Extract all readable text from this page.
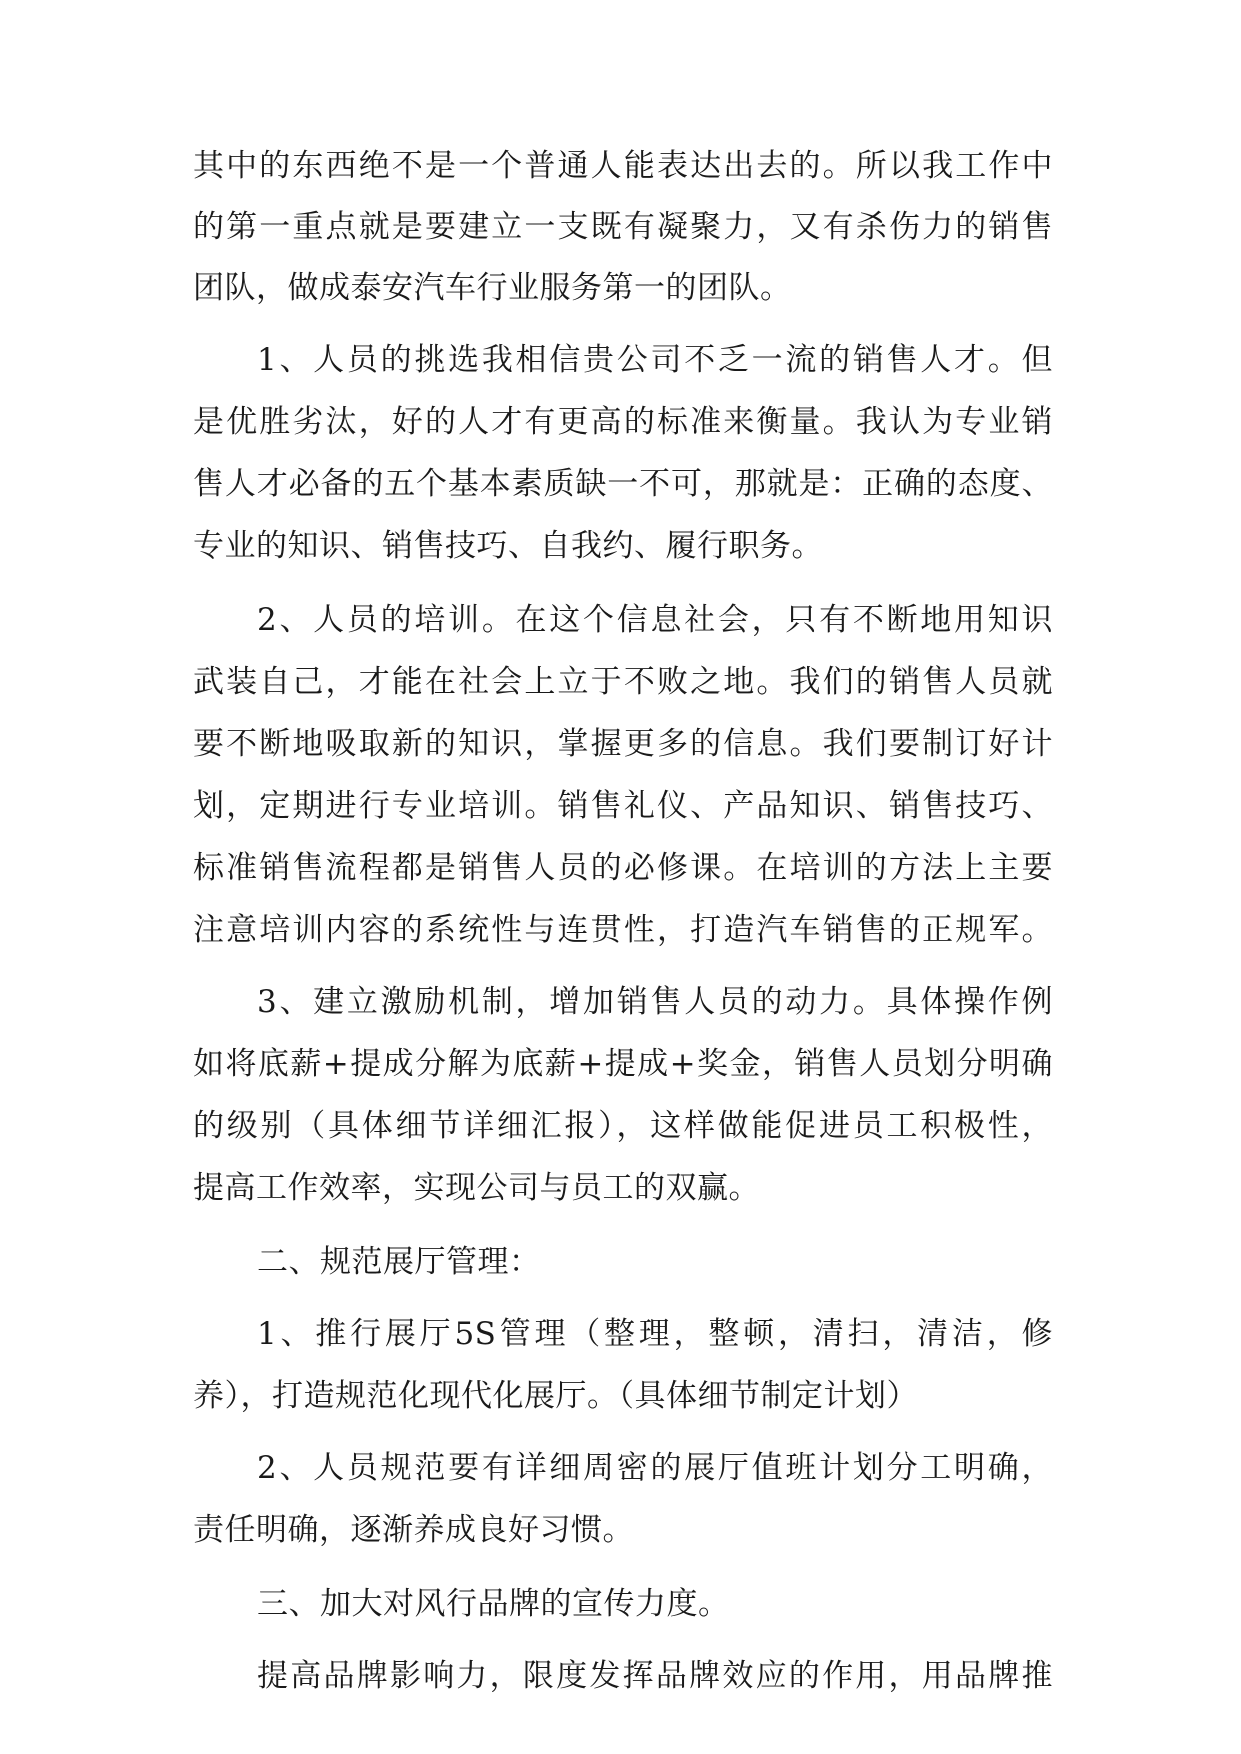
其中的东西绝不是一个普通人能表达出去的。所以我工作中
的第一重点就是要建立一支既有凝聚力，又有杀伤力的销售
团队，做成泰安汽车行业服务第一的团队。
1、人员的挑选我相信贵公司不乏一流的销售人才。但
是优胜劣汰，好的人才有更高的标准来衡量。我认为专业销
售人才必备的五个基本素质缺一不可，那就是：正确的态度、
专业的知识、销售技巧、自我约、履行职务。
2、人员的培训。在这个信息社会，只有不断地用知识
武装自己，才能在社会上立于不败之地。我们的销售人员就
要不断地吸取新的知识，掌握更多的信息。我们要制订好计
划，定期进行专业培训。销售礼仪、产品知识、销售技巧、
标准销售流程都是销售人员的必修课。在培训的方法上主要
注意培训内容的系统性与连贯性，打造汽车销售的正规军。
3、建立激励机制，增加销售人员的动力。具体操作例
如将底薪+提成分解为底薪+提成+奖金，销售人员划分明确
的级别（具体细节详细汇报），这样做能促进员工积极性，
提高工作效率，实现公司与员工的双赢。
二、规范展厅管理：
1、推行展厅5S管理（整理，整顿，清扫，清洁，修
养），打造规范化现代化展厅。（具体细节制定计划）
2、人员规范要有详细周密的展厅值班计划分工明确，
责任明确，逐渐养成良好习惯。
三、加大对风行品牌的宣传力度。
提高品牌影响力，限度发挥品牌效应的作用，用品牌推
